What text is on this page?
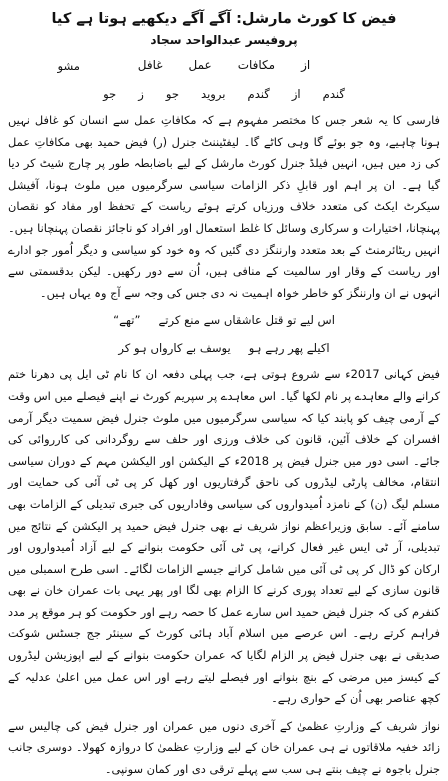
فیض کا کورٹ مارشل: آگے آگے دیکھیے ہوتا ہے کیا
پروفیسر عبدالواحد سجاد
از
مکافات
عمل
غافل
مشو
گندم
از
گندم
بروید
جو
ز
جو

فارسی کا یہ شعر جس کا مختصر مفہوم ہے کہ مکافاتِ عمل سے انسان کو غافل نہیں ہونا چاہیے، وہ جو بوئے گا وہی کاٹے گا۔ لیفٹیننٹ جنرل (ر) فیض حمید بھی مکافاتِ عمل کی زد میں ہیں، انہیں فیلڈ جنرل کورٹ مارشل کے لیے باضابطہ طور پر چارج شیٹ کر دیا گیا ہے۔ ان پر اہم اور قابلِ ذکر الزامات سیاسی سرگرمیوں میں ملوث ہونا، آفیشل سیکرٹ ایکٹ کی متعدد خلاف ورزیاں کرتے ہوئے ریاست کے تحفظ اور مفاد کو نقصان پہنچانا، اختیارات و سرکاری وسائل کا غلط استعمال اور افراد کو ناجائز نقصان پہنچانا ہیں۔ انہیں ریٹائرمنٹ کے بعد متعدد وارننگز دی گئیں کہ وہ خود کو سیاسی و دیگر اُمور جو ادارے اور ریاست کے وقار اور سالمیت کے منافی ہیں، اُن سے دور رکھیں۔ لیکن بدقسمتی سے انہوں نے ان وارننگز کو خاطر خواہ اہمیت نہ دی جس کی وجہ سے آج وہ یہاں ہیں۔

اس لیے تو قتل عاشقاں سے منع کرتے
”تھے“
اکیلے پھر رہے ہو
یوسف بے کارواں ہو کر

فیض کہانی 2017ء سے شروع ہوتی ہے، جب پہلی دفعہ ان کا نام ٹی ایل پی دھرنا ختم کرانے والے معاہدے پر نام لکھا گیا۔ اس معاہدے پر سپریم کورٹ نے اپنے فیصلے میں اس وقت کے آرمی چیف کو پابند کیا کہ سیاسی سرگرمیوں میں ملوث جنرل فیض سمیت دیگر آرمی افسران کے خلاف آئین، قانون کی خلاف ورزی اور حلف سے روگردانی کی کارروائی کی جائے۔ اسی دور میں جنرل فیض پر 2018ء کے الیکشن اور الیکشن مہم کے دوران سیاسی انتقام، مخالف پارٹی لیڈروں کی ناحق گرفتاریوں اور کھل کر پی ٹی آئی کی حمایت اور مسلم لیگ (ن) کے نامزد اُمیدواروں کی سیاسی وفاداریوں کی جبری تبدیلی کے الزامات بھی سامنے آئے۔ سابق وزیراعظم نواز شریف نے بھی جنرل فیض حمید پر الیکشن کے نتائج میں تبدیلی، آر ٹی ایس غیر فعال کرانے، پی ٹی آئی حکومت بنوانے کے لیے آزاد اُمیدواروں اور ارکان کو ڈال کر پی ٹی آئی میں شامل کرانے جیسے الزامات لگائے۔ اسی طرح اسمبلی میں قانون سازی کے لیے تعداد پوری کرنے کا الزام بھی لگا اور پھر یہی بات عمران خان نے بھی کنفرم کی کہ جنرل فیض حمید اس سارے عمل کا حصہ رہے اور حکومت کو ہر موقع پر مدد فراہم کرتے رہے۔ اس عرصے میں اسلام آباد ہائی کورٹ کے سینئر جج جسٹس شوکت صدیقی نے بھی جنرل فیض پر الزام لگایا کہ عمران حکومت بنوانے کے لیے اپوزیشن لیڈروں کے کیسز میں مرضی کے بنچ بنوانے اور فیصلے لیتے رہے اور اس عمل میں اعلیٰ عدلیہ کے کچھ عناصر بھی اُن کے حواری رہے۔

نواز شریف کے وزارتِ عظمیٰ کے آخری دنوں میں عمران اور جنرل فیض کی چالیس سے زائد خفیہ ملاقاتوں نے ہی عمران خان کے لیے وزارتِ عظمیٰ کا دروازہ کھولا۔ دوسری جانب جنرل باجوہ نے چیف بنتے ہی سب سے پہلے ترقی دی اور کمان سونپی۔
